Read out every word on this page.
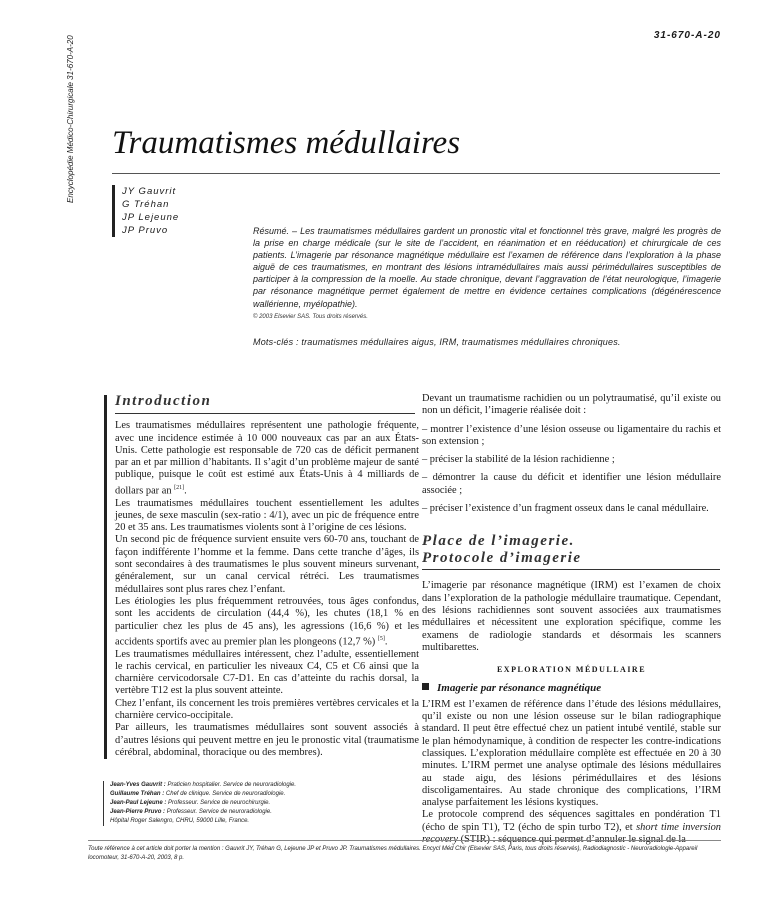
Encyclopédie Médico-Chirurgicale 31-670-A-20	31-670-A-20
Traumatismes médullaires
JY Gauvrit
G Tréhan
JP Lejeune
JP Pruvo	Résumé. – Les traumatismes médullaires gardent un pronostic vital et fonctionnel très grave, malgré les progrès de la prise en charge médicale (sur le site de l’accident, en réanimation et en rééducation) et chirurgicale de ces patients. L’imagerie par résonance magnétique médullaire est l’examen de référence dans l’exploration à la phase aiguë de ces traumatismes, en montrant des lésions intramédullaires mais aussi périmédullaires susceptibles de participer à la compression de la moelle. Au stade chronique, devant l’aggravation de l’état neurologique, l’imagerie par résonance magnétique permet également de mettre en évidence certaines complications (dégénérescence wallérienne, myélopathie).
© 2003 Elsevier SAS. Tous droits réservés.
Mots-clés : traumatismes médullaires aigus, IRM, traumatismes médullaires chroniques.
Introduction

Les traumatismes médullaires représentent une pathologie fréquente, avec une incidence estimée à 10 000 nouveaux cas par an aux États-Unis. Cette pathologie est responsable de 720 cas de déficit permanent par an et par million d’habitants. Il s’agit d’un problème majeur de santé publique, puisque le coût est estimé aux États-Unis à 4 milliards de dollars par an [21].

Les traumatismes médullaires touchent essentiellement les adultes jeunes, de sexe masculin (sex-ratio : 4/1), avec un pic de fréquence entre 20 et 35 ans. Les traumatismes violents sont à l’origine de ces lésions.

Un second pic de fréquence survient ensuite vers 60-70 ans, touchant de façon indifférente l’homme et la femme. Dans cette tranche d’âges, ils sont secondaires à des traumatismes le plus souvent mineurs survenant, généralement, sur un canal cervical rétréci. Les traumatismes médullaires sont plus rares chez l’enfant.

Les étiologies les plus fréquemment retrouvées, tous âges confondus, sont les accidents de circulation (44,4 %), les chutes (18,1 % en particulier chez les plus de 45 ans), les agressions (16,6 %) et les accidents sportifs avec au premier plan les plongeons (12,7 %) [5].

Les traumatismes médullaires intéressent, chez l’adulte, essentiellement le rachis cervical, en particulier les niveaux C4, C5 et C6 ainsi que la charnière cervicodorsale C7-D1. En cas d’atteinte du rachis dorsal, la vertèbre T12 est la plus souvent atteinte.

Chez l’enfant, ils concernent les trois premières vertèbres cervicales et la charnière cervico-occipitale.

Par ailleurs, les traumatismes médullaires sont souvent associés à d’autres lésions qui peuvent mettre en jeu le pronostic vital (traumatisme cérébral, abdominal, thoracique ou des membres).

Devant un traumatisme rachidien ou un polytraumatisé, qu’il existe ou non un déficit, l’imagerie réalisée doit :

– montrer l’existence d’une lésion osseuse ou ligamentaire du rachis et son extension ;

– préciser la stabilité de la lésion rachidienne ;

– démontrer la cause du déficit et identifier une lésion médullaire associée ;

– préciser l’existence d’un fragment osseux dans le canal médullaire.

Place de l’imagerie.
Protocole d’imagerie

L’imagerie par résonance magnétique (IRM) est l’examen de choix dans l’exploration de la pathologie médullaire traumatique. Cependant, des lésions rachidiennes sont souvent associées aux traumatismes médullaires et nécessitent une exploration spécifique, comme les examens de radiologie standards et désormais les scanners multibarettes.

EXPLORATION MÉDULLAIRE
Imagerie par résonance magnétique

L’IRM est l’examen de référence dans l’étude des lésions médullaires, qu’il existe ou non une lésion osseuse sur le bilan radiographique standard. Il peut être effectué chez un patient intubé ventilé, stable sur le plan hémodynamique, à condition de respecter les contre-indications classiques. L’exploration médullaire complète est effectuée en 20 à 30 minutes. L’IRM permet une analyse optimale des lésions médullaires au stade aigu, des lésions périmédullaires et des lésions discoligamentaires. Au stade chronique des complications, l’IRM analyse parfaitement les lésions kystiques.

Le protocole comprend des séquences sagittales en pondération T1 (écho de spin T1), T2 (écho de spin turbo T2), et short time inversion recovery (STIR) : séquence qui permet d’annuler le signal de la

Jean-Yves Gauvrit : Praticien hospitalier. Service de neuroradiologie.
Guillaume Tréhan : Chef de clinique. Service de neuroradiologie.
Jean-Paul Lejeune : Professeur. Service de neurochirurgie.
Jean-Pierre Pruvo : Professeur. Service de neuroradiologie.
Hôpital Roger Salengro, CHRU, 59000 Lille, France.
Toute référence à cet article doit porter la mention : Gauvrit JY, Tréhan G, Lejeune JP et Pruvo JP. Traumatismes médullaires. Encycl Méd Chir (Elsevier SAS, Paris, tous droits réservés), Radiodiagnostic - Neuroradiologie-Appareil locomoteur, 31-670-A-20, 2003, 8 p.
